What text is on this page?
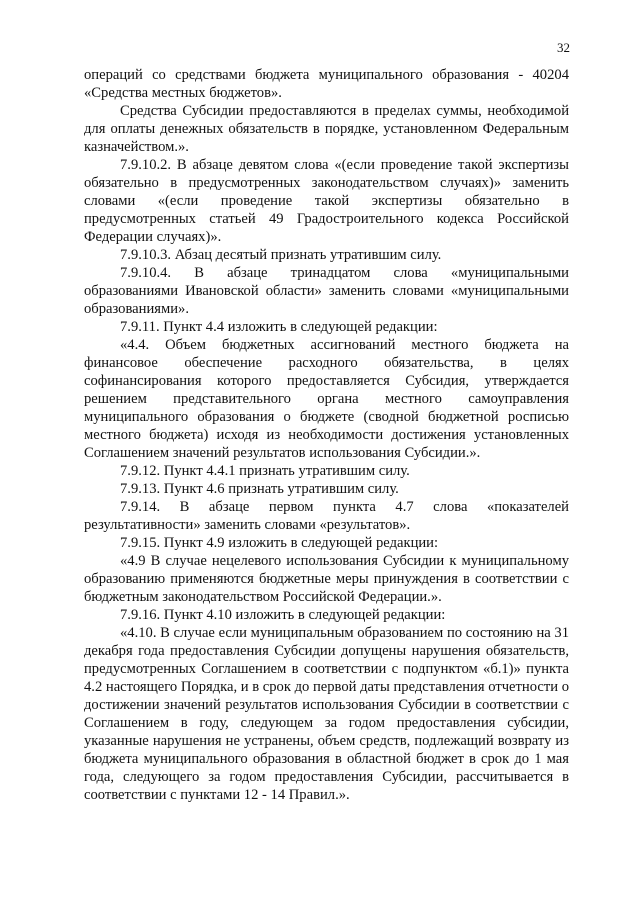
32

операций со средствами бюджета муниципального образования - 40204 «Средства местных бюджетов».

Средства Субсидии предоставляются в пределах суммы, необходимой для оплаты денежных обязательств в порядке, установленном Федеральным казначейством.».

7.9.10.2. В абзаце девятом слова «(если проведение такой экспертизы обязательно в предусмотренных законодательством случаях)» заменить словами «(если проведение такой экспертизы обязательно в предусмотренных статьей 49 Градостроительного кодекса Российской Федерации случаях)».

7.9.10.3. Абзац десятый признать утратившим силу.

7.9.10.4. В абзаце тринадцатом слова «муниципальными образованиями Ивановской области» заменить словами «муниципальными образованиями».

7.9.11. Пункт 4.4 изложить в следующей редакции:

«4.4. Объем бюджетных ассигнований местного бюджета на финансовое обеспечение расходного обязательства, в целях софинансирования которого предоставляется Субсидия, утверждается решением представительного органа местного самоуправления муниципального образования о бюджете (сводной бюджетной росписью местного бюджета) исходя из необходимости достижения установленных Соглашением значений результатов использования Субсидии.».

7.9.12. Пункт 4.4.1 признать утратившим силу.

7.9.13. Пункт 4.6 признать утратившим силу.

7.9.14. В абзаце первом пункта 4.7 слова «показателей результативности» заменить словами «результатов».

7.9.15. Пункт 4.9 изложить в следующей редакции:

«4.9 В случае нецелевого использования Субсидии к муниципальному образованию применяются бюджетные меры принуждения в соответствии с бюджетным законодательством Российской Федерации.».

7.9.16. Пункт 4.10 изложить в следующей редакции:

«4.10. В случае если муниципальным образованием по состоянию на 31 декабря года предоставления Субсидии допущены нарушения обязательств, предусмотренных Соглашением в соответствии с подпунктом «б.1)» пункта 4.2 настоящего Порядка, и в срок до первой даты представления отчетности о достижении значений результатов использования Субсидии в соответствии с Соглашением в году, следующем за годом предоставления субсидии, указанные нарушения не устранены, объем средств, подлежащий возврату из бюджета муниципального образования в областной бюджет в срок до 1 мая года, следующего за годом предоставления Субсидии, рассчитывается в соответствии с пунктами 12 - 14 Правил.».
